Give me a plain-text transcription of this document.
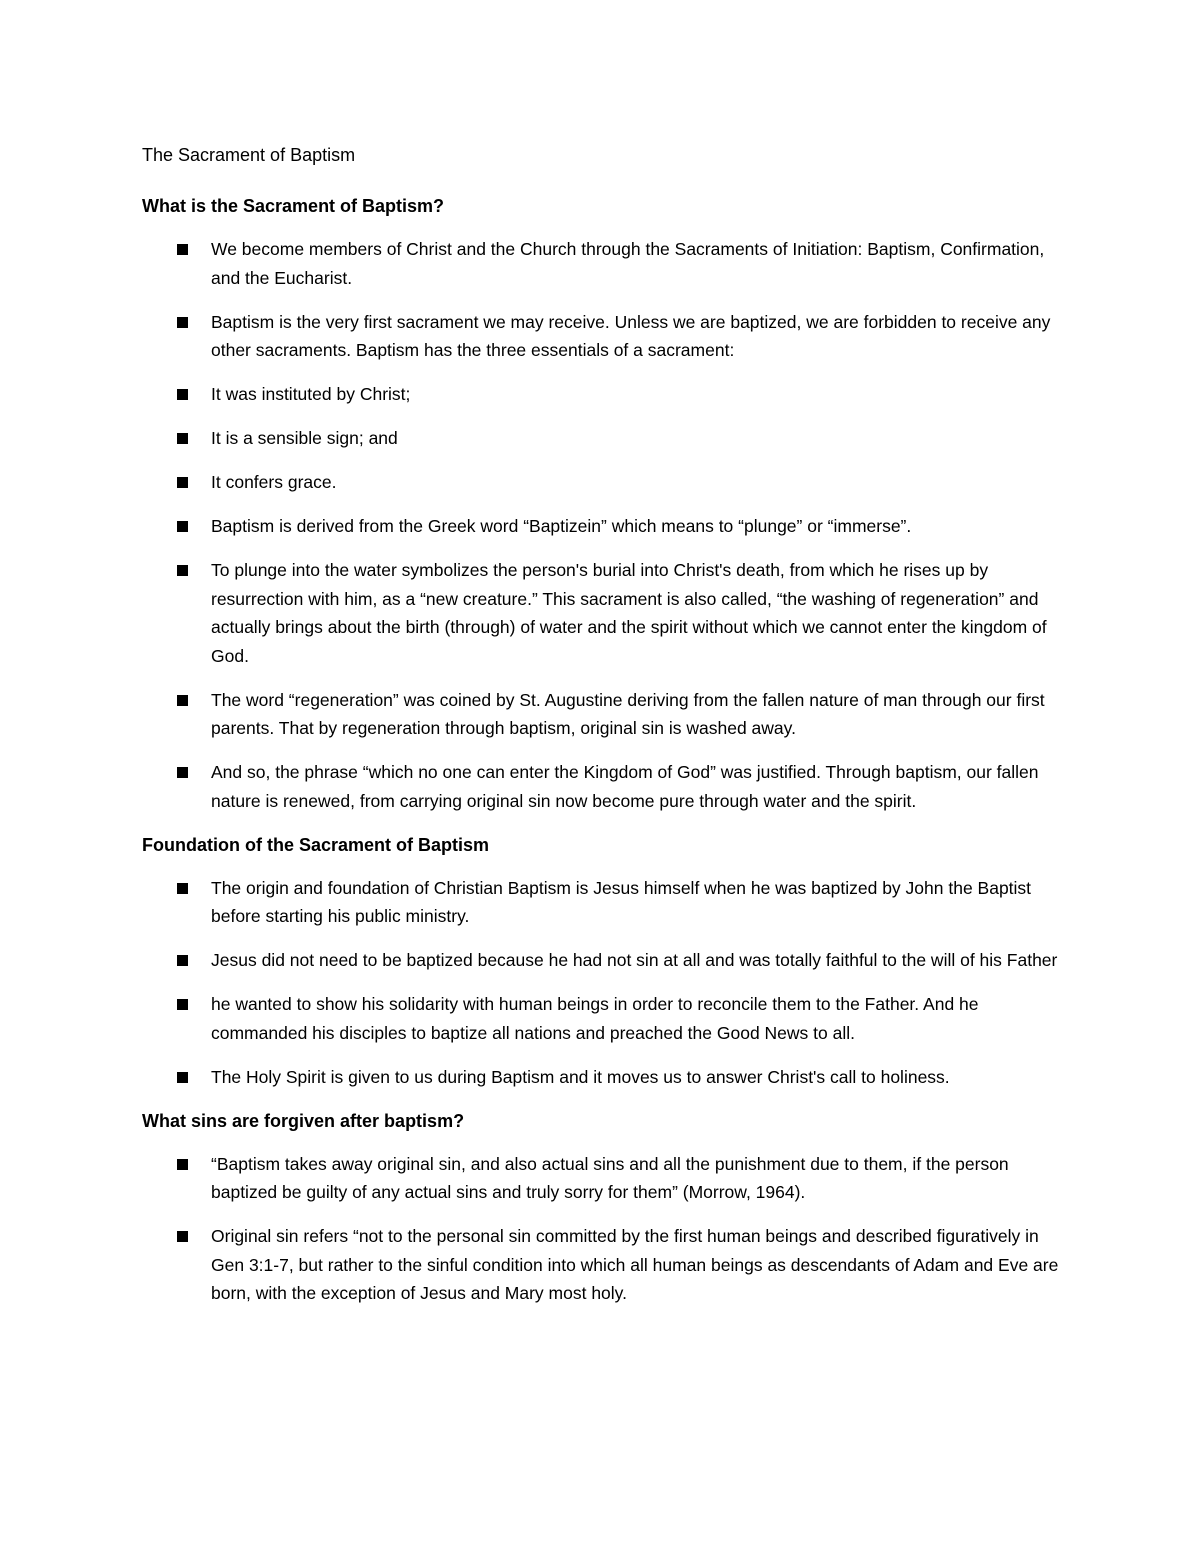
The Sacrament of Baptism
What is the Sacrament of Baptism?
We become members of Christ and the Church through the Sacraments of Initiation: Baptism, Confirmation, and the Eucharist.
Baptism is the very first sacrament we may receive. Unless we are baptized, we are forbidden to receive any other sacraments. Baptism has the three essentials of a sacrament:
It was instituted by Christ;
It is a sensible sign; and
It confers grace.
Baptism is derived from the Greek word “Baptizein” which means to “plunge” or “immerse”.
To plunge into the water symbolizes the person's burial into Christ's death, from which he rises up by resurrection with him, as a “new creature.” This sacrament is also called, “the washing of regeneration” and actually brings about the birth (through) of water and the spirit without which we cannot enter the kingdom of God.
The word “regeneration” was coined by St. Augustine deriving from the fallen nature of man through our first parents. That by regeneration through baptism, original sin is washed away.
And so, the phrase “which no one can enter the Kingdom of God” was justified. Through baptism, our fallen nature is renewed, from carrying original sin now become pure through water and the spirit.
Foundation of the Sacrament of Baptism
The origin and foundation of Christian Baptism is Jesus himself when he was baptized by John the Baptist before starting his public ministry.
Jesus did not need to be baptized because he had not sin at all and was totally faithful to the will of his Father
he wanted to show his solidarity with human beings in order to reconcile them to the Father. And he commanded his disciples to baptize all nations and preached the Good News to all.
The Holy Spirit is given to us during Baptism and it moves us to answer Christ's call to holiness.
What sins are forgiven after baptism?
“Baptism takes away original sin, and also actual sins and all the punishment due to them, if the person baptized be guilty of any actual sins and truly sorry for them” (Morrow, 1964).
Original sin refers “not to the personal sin committed by the first human beings and described figuratively in Gen 3:1-7, but rather to the sinful condition into which all human beings as descendants of Adam and Eve are born, with the exception of Jesus and Mary most holy.
